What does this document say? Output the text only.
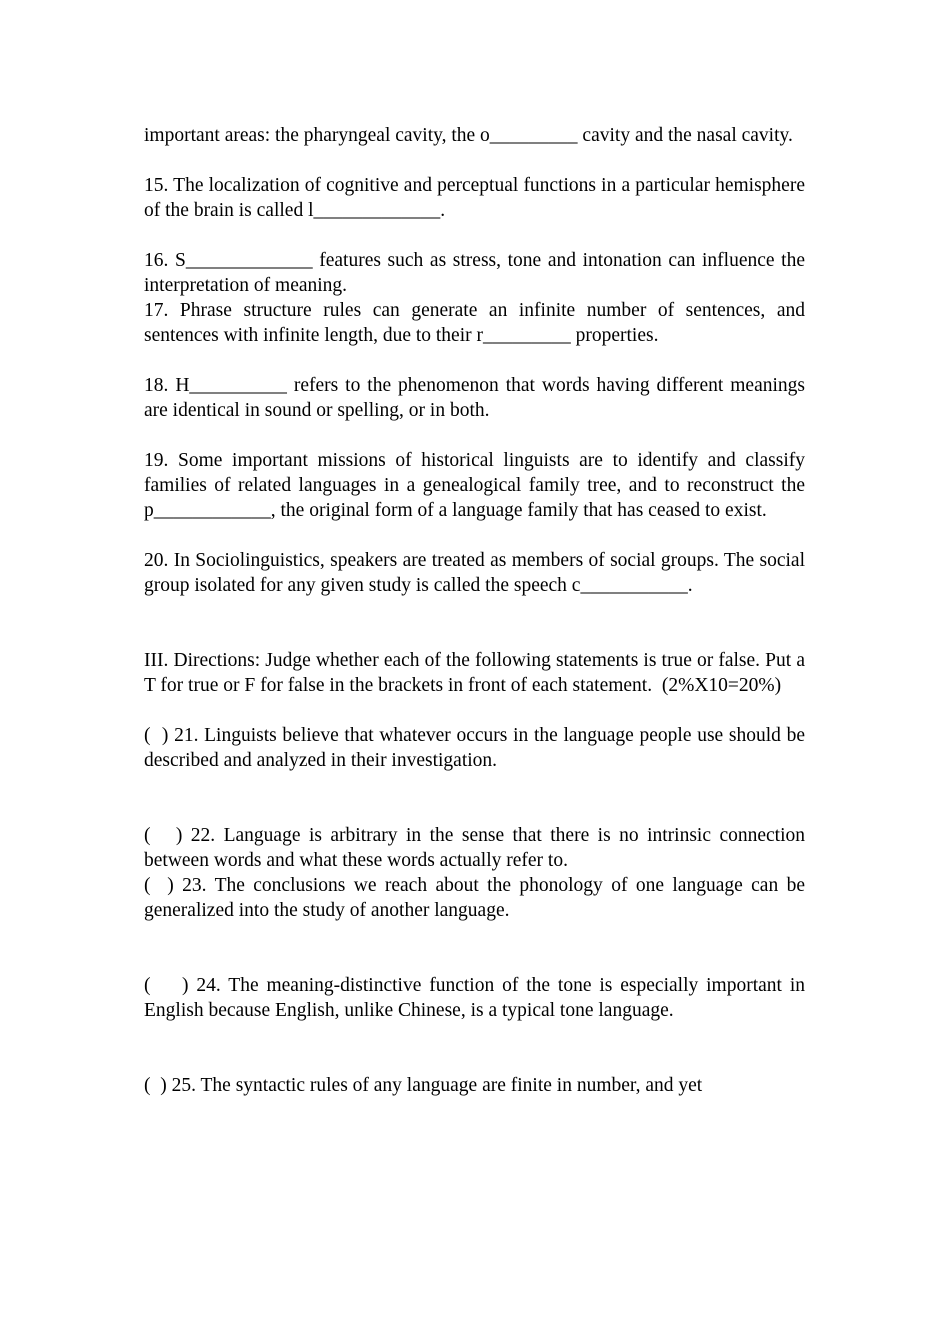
important areas: the pharyngeal cavity, the o_________ cavity and the nasal cavity.

15. The localization of cognitive and perceptual functions in a particular hemisphere of the brain is called l_____________.

16. S_____________ features such as stress, tone and intonation can influence the interpretation of meaning.

17. Phrase structure rules can generate an infinite number of sentences, and sentences with infinite length, due to their r_________ properties.

18. H__________ refers to the phenomenon that words having different meanings are identical in sound or spelling, or in both.

19. Some important missions of historical linguists are to identify and classify families of related languages in a genealogical family tree, and to reconstruct the p____________, the original form of a language family that has ceased to exist.

20. In Sociolinguistics, speakers are treated as members of social groups. The social group isolated for any given study is called the speech c___________.

III. Directions: Judge whether each of the following statements is true or false. Put a T for true or F for false in the brackets in front of each statement.  (2%X10=20%)

(  ) 21. Linguists believe that whatever occurs in the language people use should be described and analyzed in their investigation.

(   ) 22. Language is arbitrary in the sense that there is no intrinsic connection between words and what these words actually refer to.

(  ) 23. The conclusions we reach about the phonology of one language can be generalized into the study of another language.

(    ) 24. The meaning-distinctive function of the tone is especially important in English because English, unlike Chinese, is a typical tone language.

(  ) 25. The syntactic rules of any language are finite in number, and yet
